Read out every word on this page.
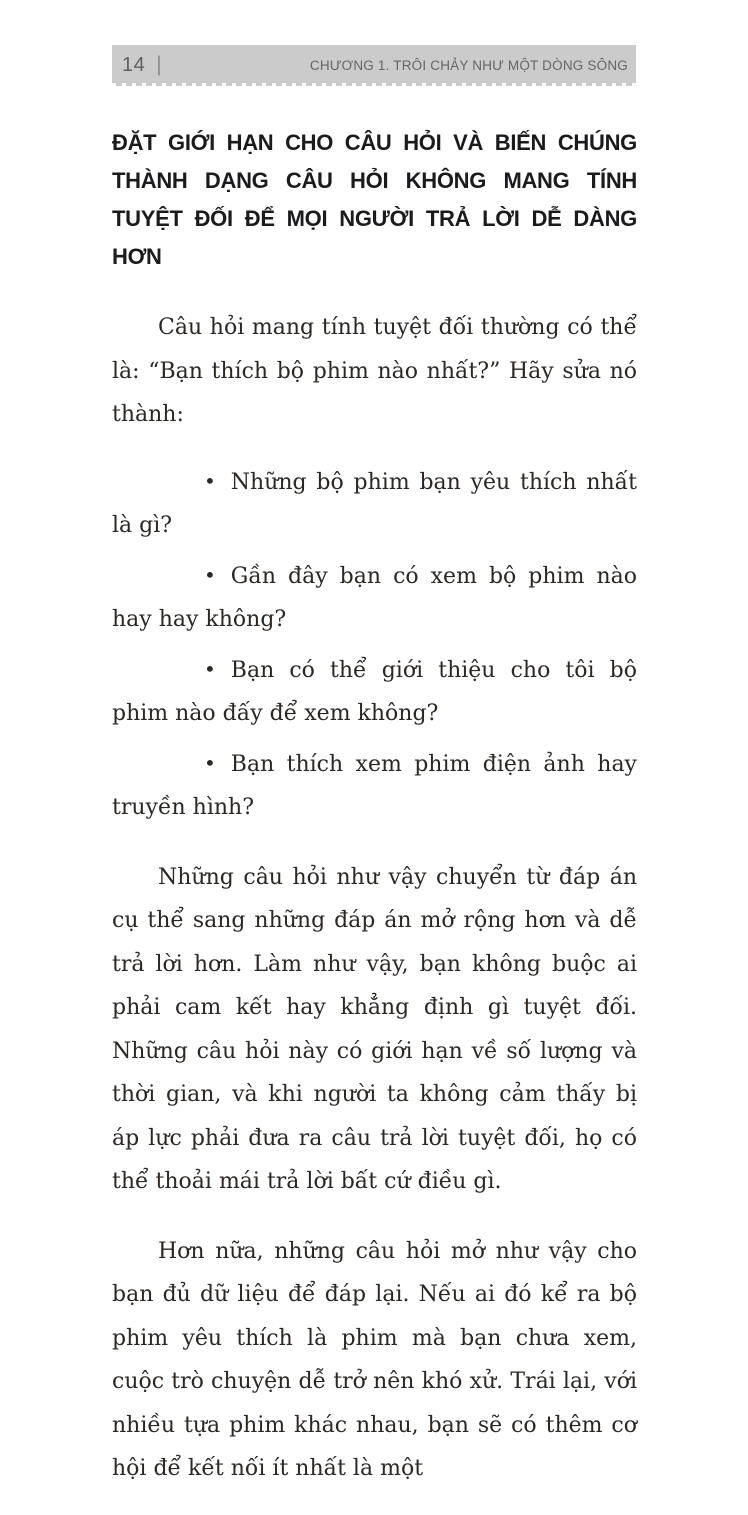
14 |	CHƯƠNG 1. TRÔI CHẢY NHƯ MỘT DÒNG SÔNG
ĐẶT GIỚI HẠN CHO CÂU HỎI VÀ BIẾN CHÚNG
THÀNH DẠNG CÂU HỎI KHÔNG MANG TÍNH
TUYỆT ĐỐI ĐỂ MỌI NGƯỜI TRẢ LỜI DỄ DÀNG HƠN

Câu hỏi mang tính tuyệt đối thường có thể là: “Bạn thích bộ phim nào nhất?” Hãy sửa nó thành:

• Những bộ phim bạn yêu thích nhất là gì?
• Gần đây bạn có xem bộ phim nào hay hay không?
• Bạn có thể giới thiệu cho tôi bộ phim nào đấy để xem không?
• Bạn thích xem phim điện ảnh hay truyền hình?

Những câu hỏi như vậy chuyển từ đáp án cụ thể sang những đáp án mở rộng hơn và dễ trả lời hơn. Làm như vậy, bạn không buộc ai phải cam kết hay khẳng định gì tuyệt đối. Những câu hỏi này có giới hạn về số lượng và thời gian, và khi người ta không cảm thấy bị áp lực phải đưa ra câu trả lời tuyệt đối, họ có thể thoải mái trả lời bất cứ điều gì.

Hơn nữa, những câu hỏi mở như vậy cho bạn đủ dữ liệu để đáp lại. Nếu ai đó kể ra bộ phim yêu thích là phim mà bạn chưa xem, cuộc trò chuyện dễ trở nên khó xử. Trái lại, với nhiều tựa phim khác nhau, bạn sẽ có thêm cơ hội để kết nối ít nhất là một
